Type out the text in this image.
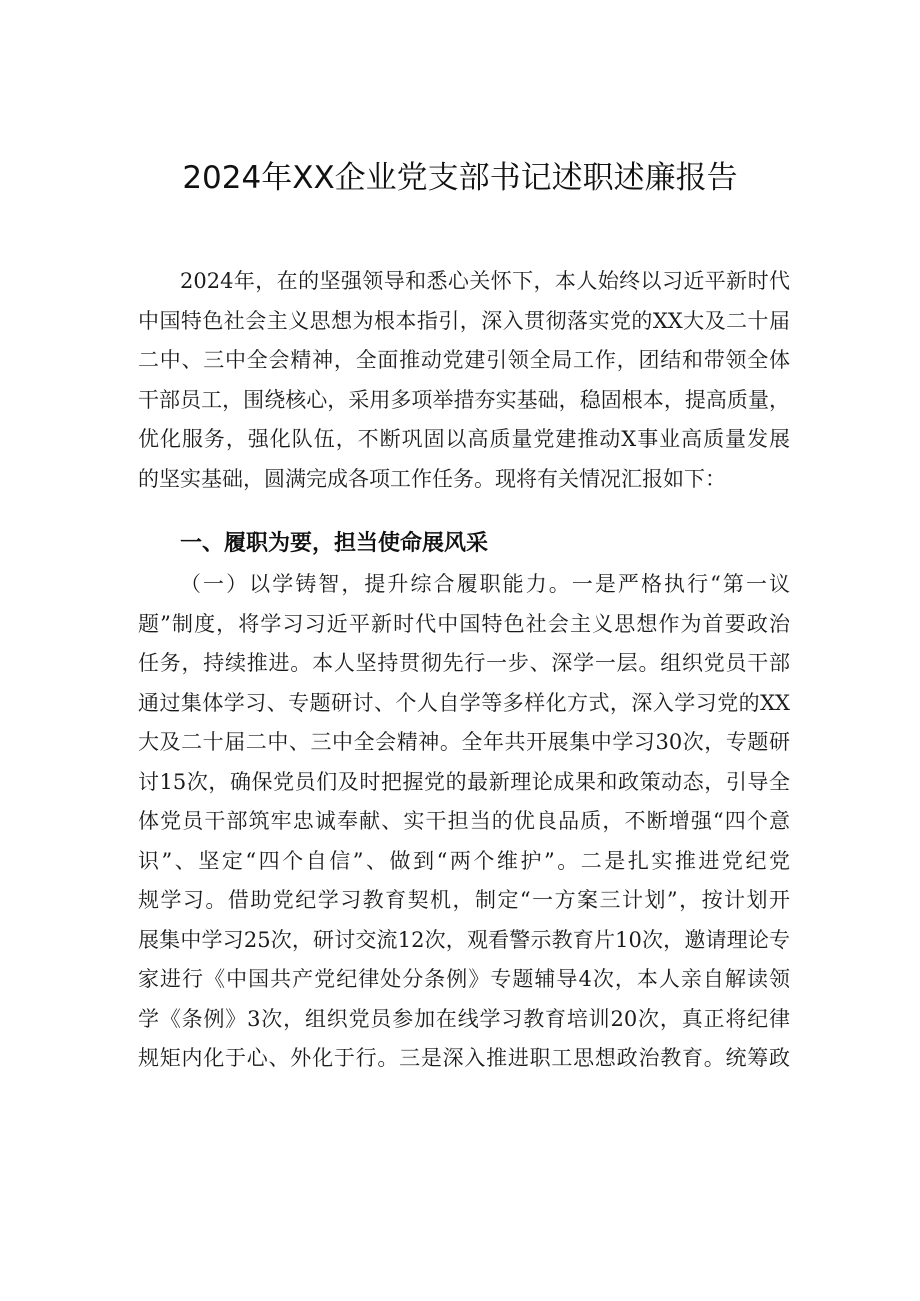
2024年XX企业党支部书记述职述廉报告
2024年，在的坚强领导和悉心关怀下，本人始终以习近平新时代
中国特色社会主义思想为根本指引，深入贯彻落实党的XX大及二十届
二中、三中全会精神，全面推动党建引领全局工作，团结和带领全体
干部员工，围绕核心，采用多项举措夯实基础，稳固根本，提高质量，
优化服务，强化队伍，不断巩固以高质量党建推动X事业高质量发展
的坚实基础，圆满完成各项工作任务。现将有关情况汇报如下：
一、履职为要，担当使命展风采
（一）以学铸智，提升综合履职能力。一是严格执行“第一议
题”制度，将学习习近平新时代中国特色社会主义思想作为首要政治
任务，持续推进。本人坚持贯彻先行一步、深学一层。组织党员干部
通过集体学习、专题研讨、个人自学等多样化方式，深入学习党的XX
大及二十届二中、三中全会精神。全年共开展集中学习30次，专题研
讨15次，确保党员们及时把握党的最新理论成果和政策动态，引导全
体党员干部筑牢忠诚奉献、实干担当的优良品质，不断增强“四个意
识”、坚定“四个自信”、做到“两个维护”。二是扎实推进党纪党
规学习。借助党纪学习教育契机，制定“一方案三计划”，按计划开
展集中学习25次，研讨交流12次，观看警示教育片10次，邀请理论专
家进行《中国共产党纪律处分条例》专题辅导4次，本人亲自解读领
学《条例》3次，组织党员参加在线学习教育培训20次，真正将纪律
规矩内化于心、外化于行。三是深入推进职工思想政治教育。统筹政
